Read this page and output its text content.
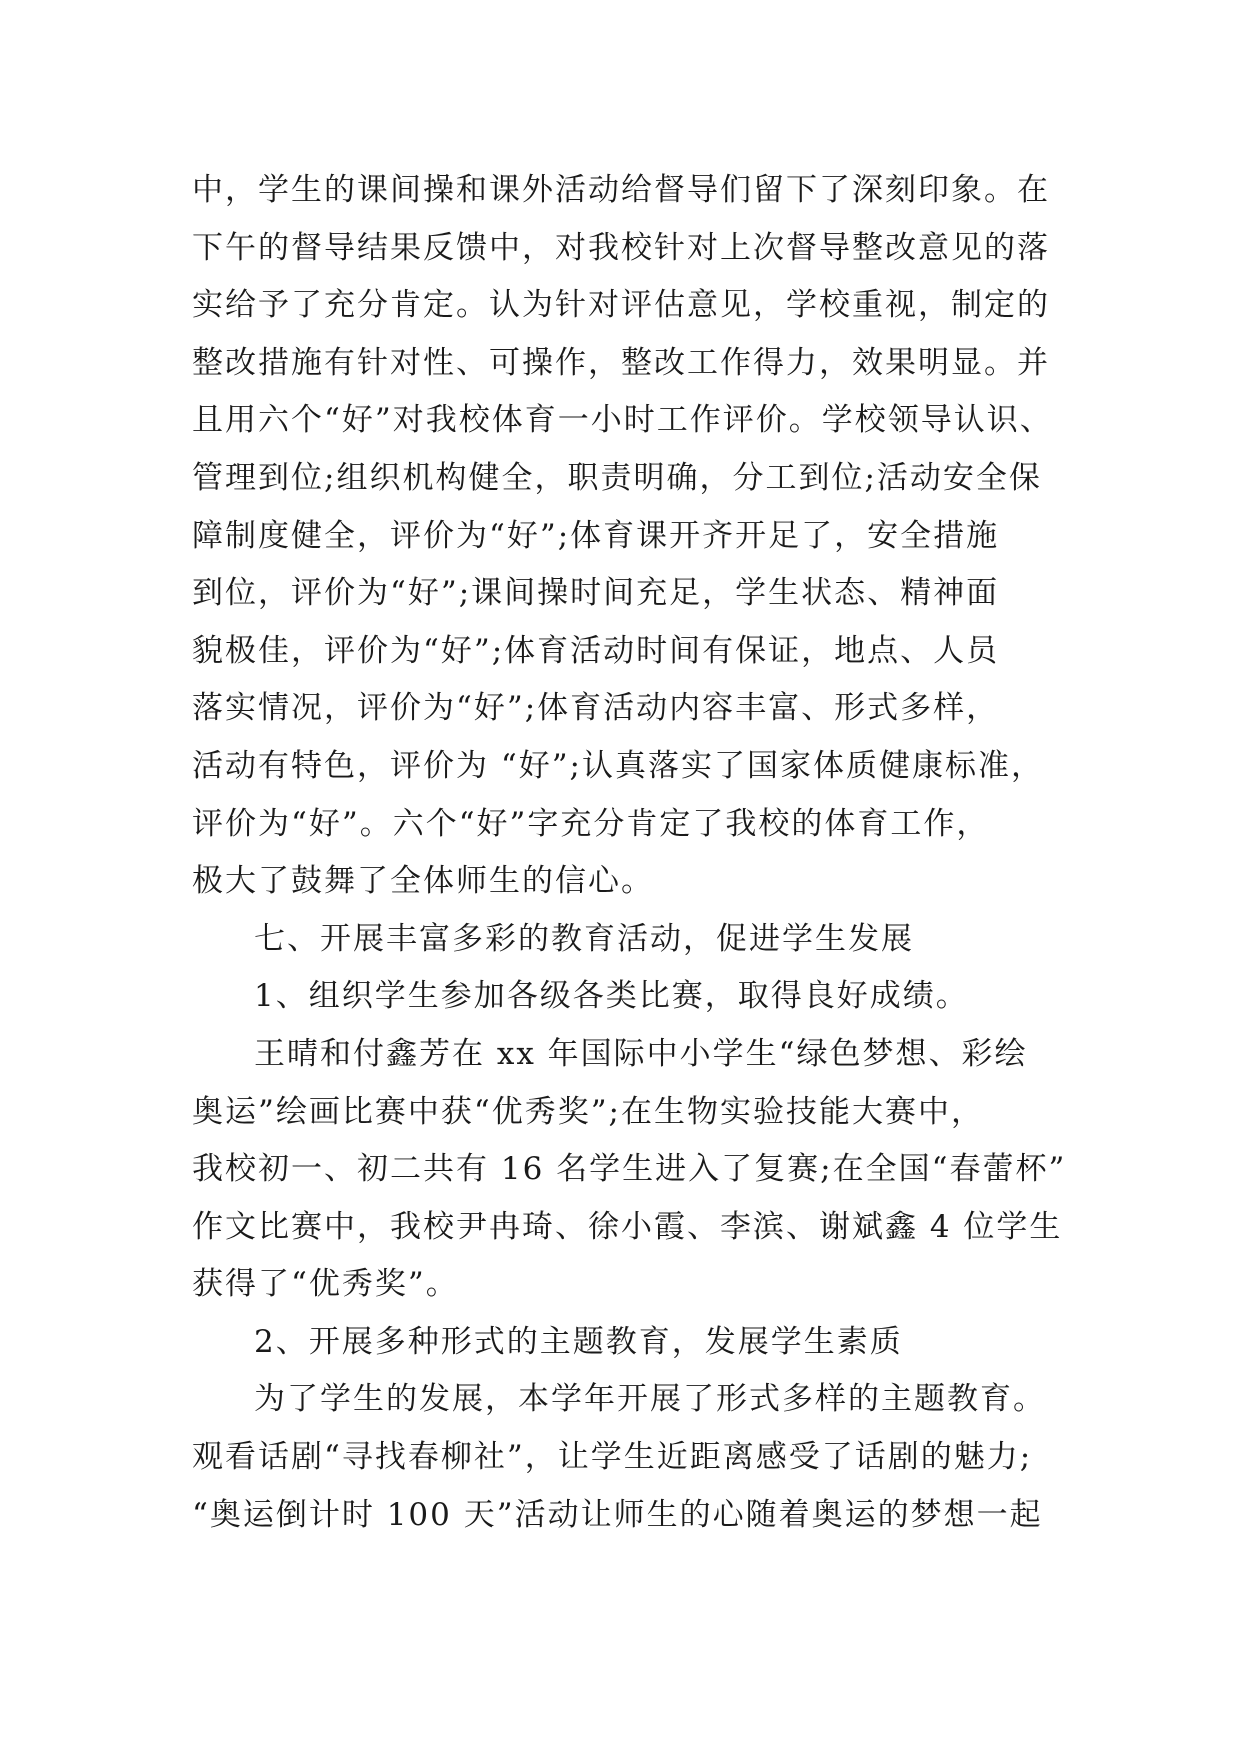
中，学生的课间操和课外活动给督导们留下了深刻印象。在
下午的督导结果反馈中，对我校针对上次督导整改意见的落
实给予了充分肯定。认为针对评估意见，学校重视，制定的
整改措施有针对性、可操作，整改工作得力，效果明显。并
且用六个“好”对我校体育一小时工作评价。学校领导认识、
管理到位;组织机构健全，职责明确，分工到位;活动安全保
障制度健全，评价为“好”;体育课开齐开足了，安全措施
到位，评价为“好”;课间操时间充足，学生状态、精神面
貌极佳，评价为“好”;体育活动时间有保证，地点、人员
落实情况，评价为“好”;体育活动内容丰富、形式多样，
活动有特色，评价为 “好”;认真落实了国家体质健康标准，
评价为“好”。六个“好”字充分肯定了我校的体育工作，
极大了鼓舞了全体师生的信心。
七、开展丰富多彩的教育活动，促进学生发展
1、组织学生参加各级各类比赛，取得良好成绩。
王晴和付鑫芳在 xx 年国际中小学生“绿色梦想、彩绘
奥运”绘画比赛中获“优秀奖”;在生物实验技能大赛中，
我校初一、初二共有 16 名学生进入了复赛;在全国“春蕾杯”
作文比赛中，我校尹冉琦、徐小霞、李滨、谢斌鑫 4 位学生
获得了“优秀奖”。
2、开展多种形式的主题教育，发展学生素质
为了学生的发展，本学年开展了形式多样的主题教育。
观看话剧“寻找春柳社”，让学生近距离感受了话剧的魅力;
“奥运倒计时 100 天”活动让师生的心随着奥运的梦想一起
